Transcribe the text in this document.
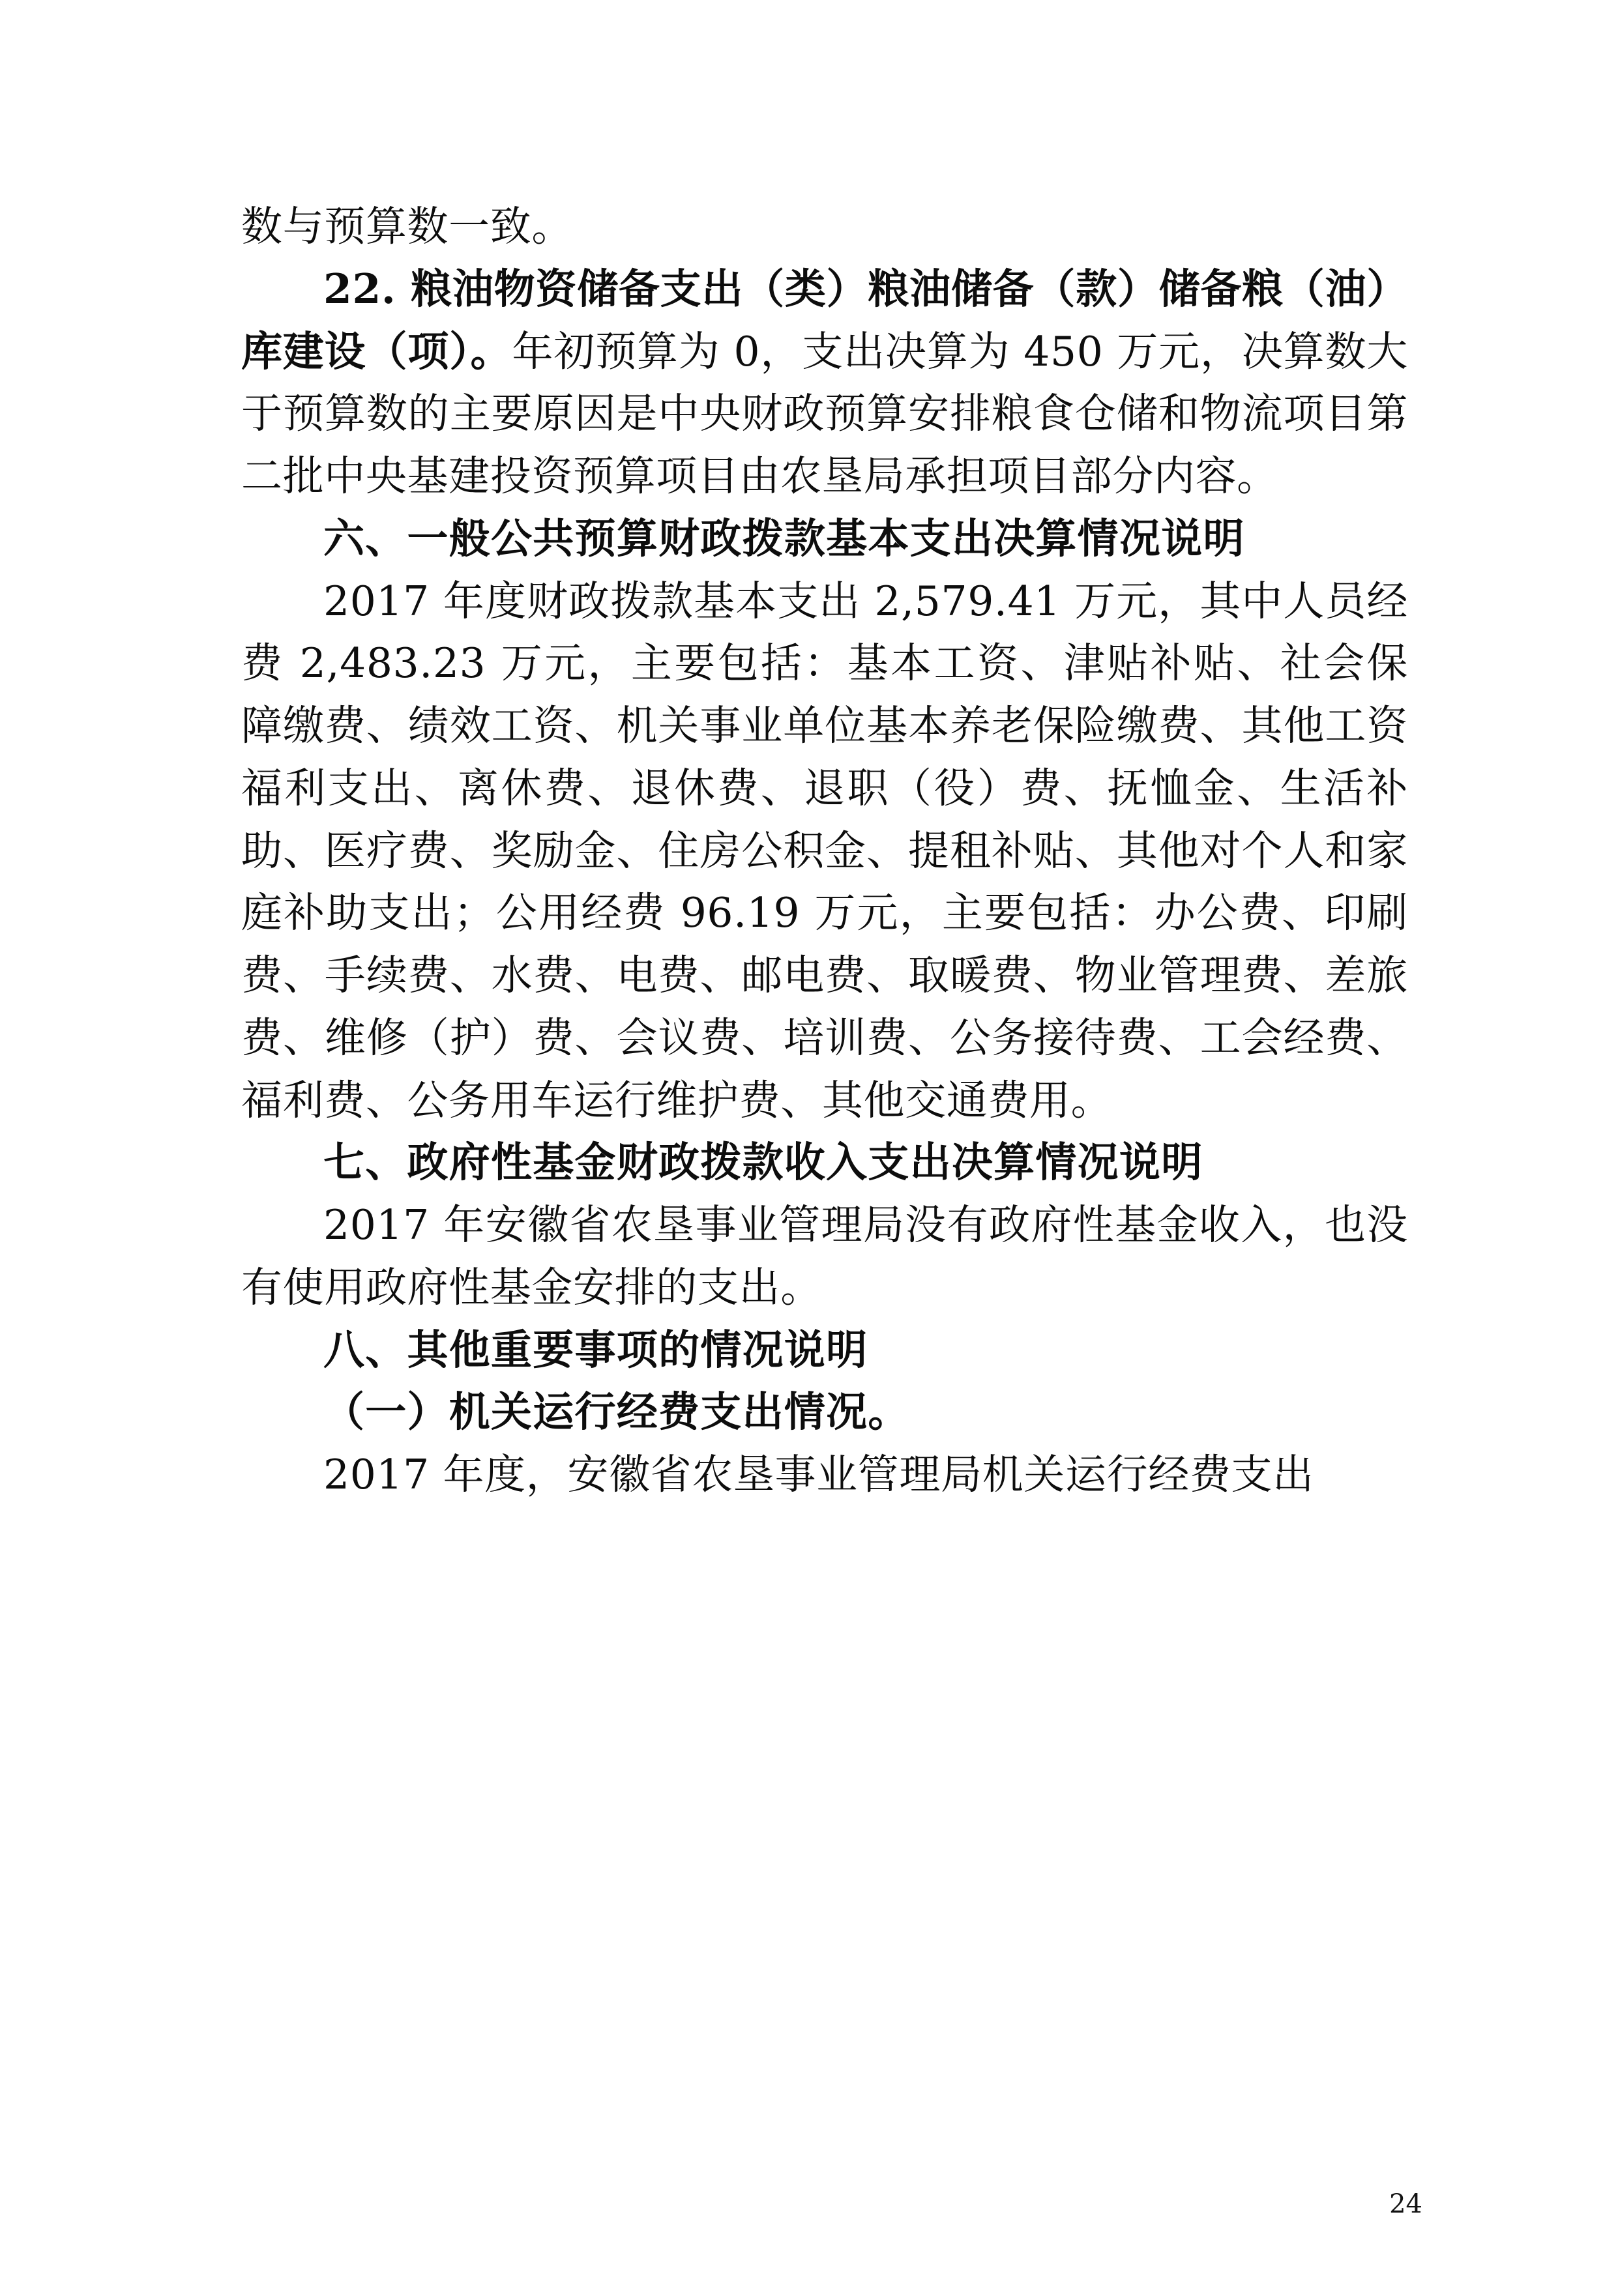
数与预算数一致。

22. 粮油物资储备支出（类）粮油储备（款）储备粮（油）库建设（项）。年初预算为 0，支出决算为 450 万元，决算数大于预算数的主要原因是中央财政预算安排粮食仓储和物流项目第二批中央基建投资预算项目由农垦局承担项目部分内容。

六、一般公共预算财政拨款基本支出决算情况说明

2017 年度财政拨款基本支出 2,579.41 万元，其中人员经费 2,483.23 万元，主要包括：基本工资、津贴补贴、社会保障缴费、绩效工资、机关事业单位基本养老保险缴费、其他工资福利支出、离休费、退休费、退职（役）费、抚恤金、生活补助、医疗费、奖励金、住房公积金、提租补贴、其他对个人和家庭补助支出；公用经费 96.19 万元，主要包括：办公费、印刷费、手续费、水费、电费、邮电费、取暖费、物业管理费、差旅费、维修（护）费、会议费、培训费、公务接待费、工会经费、福利费、公务用车运行维护费、其他交通费用。

七、政府性基金财政拨款收入支出决算情况说明

2017 年安徽省农垦事业管理局没有政府性基金收入，也没有使用政府性基金安排的支出。

八、其他重要事项的情况说明

（一）机关运行经费支出情况。

2017 年度，安徽省农垦事业管理局机关运行经费支出

24
